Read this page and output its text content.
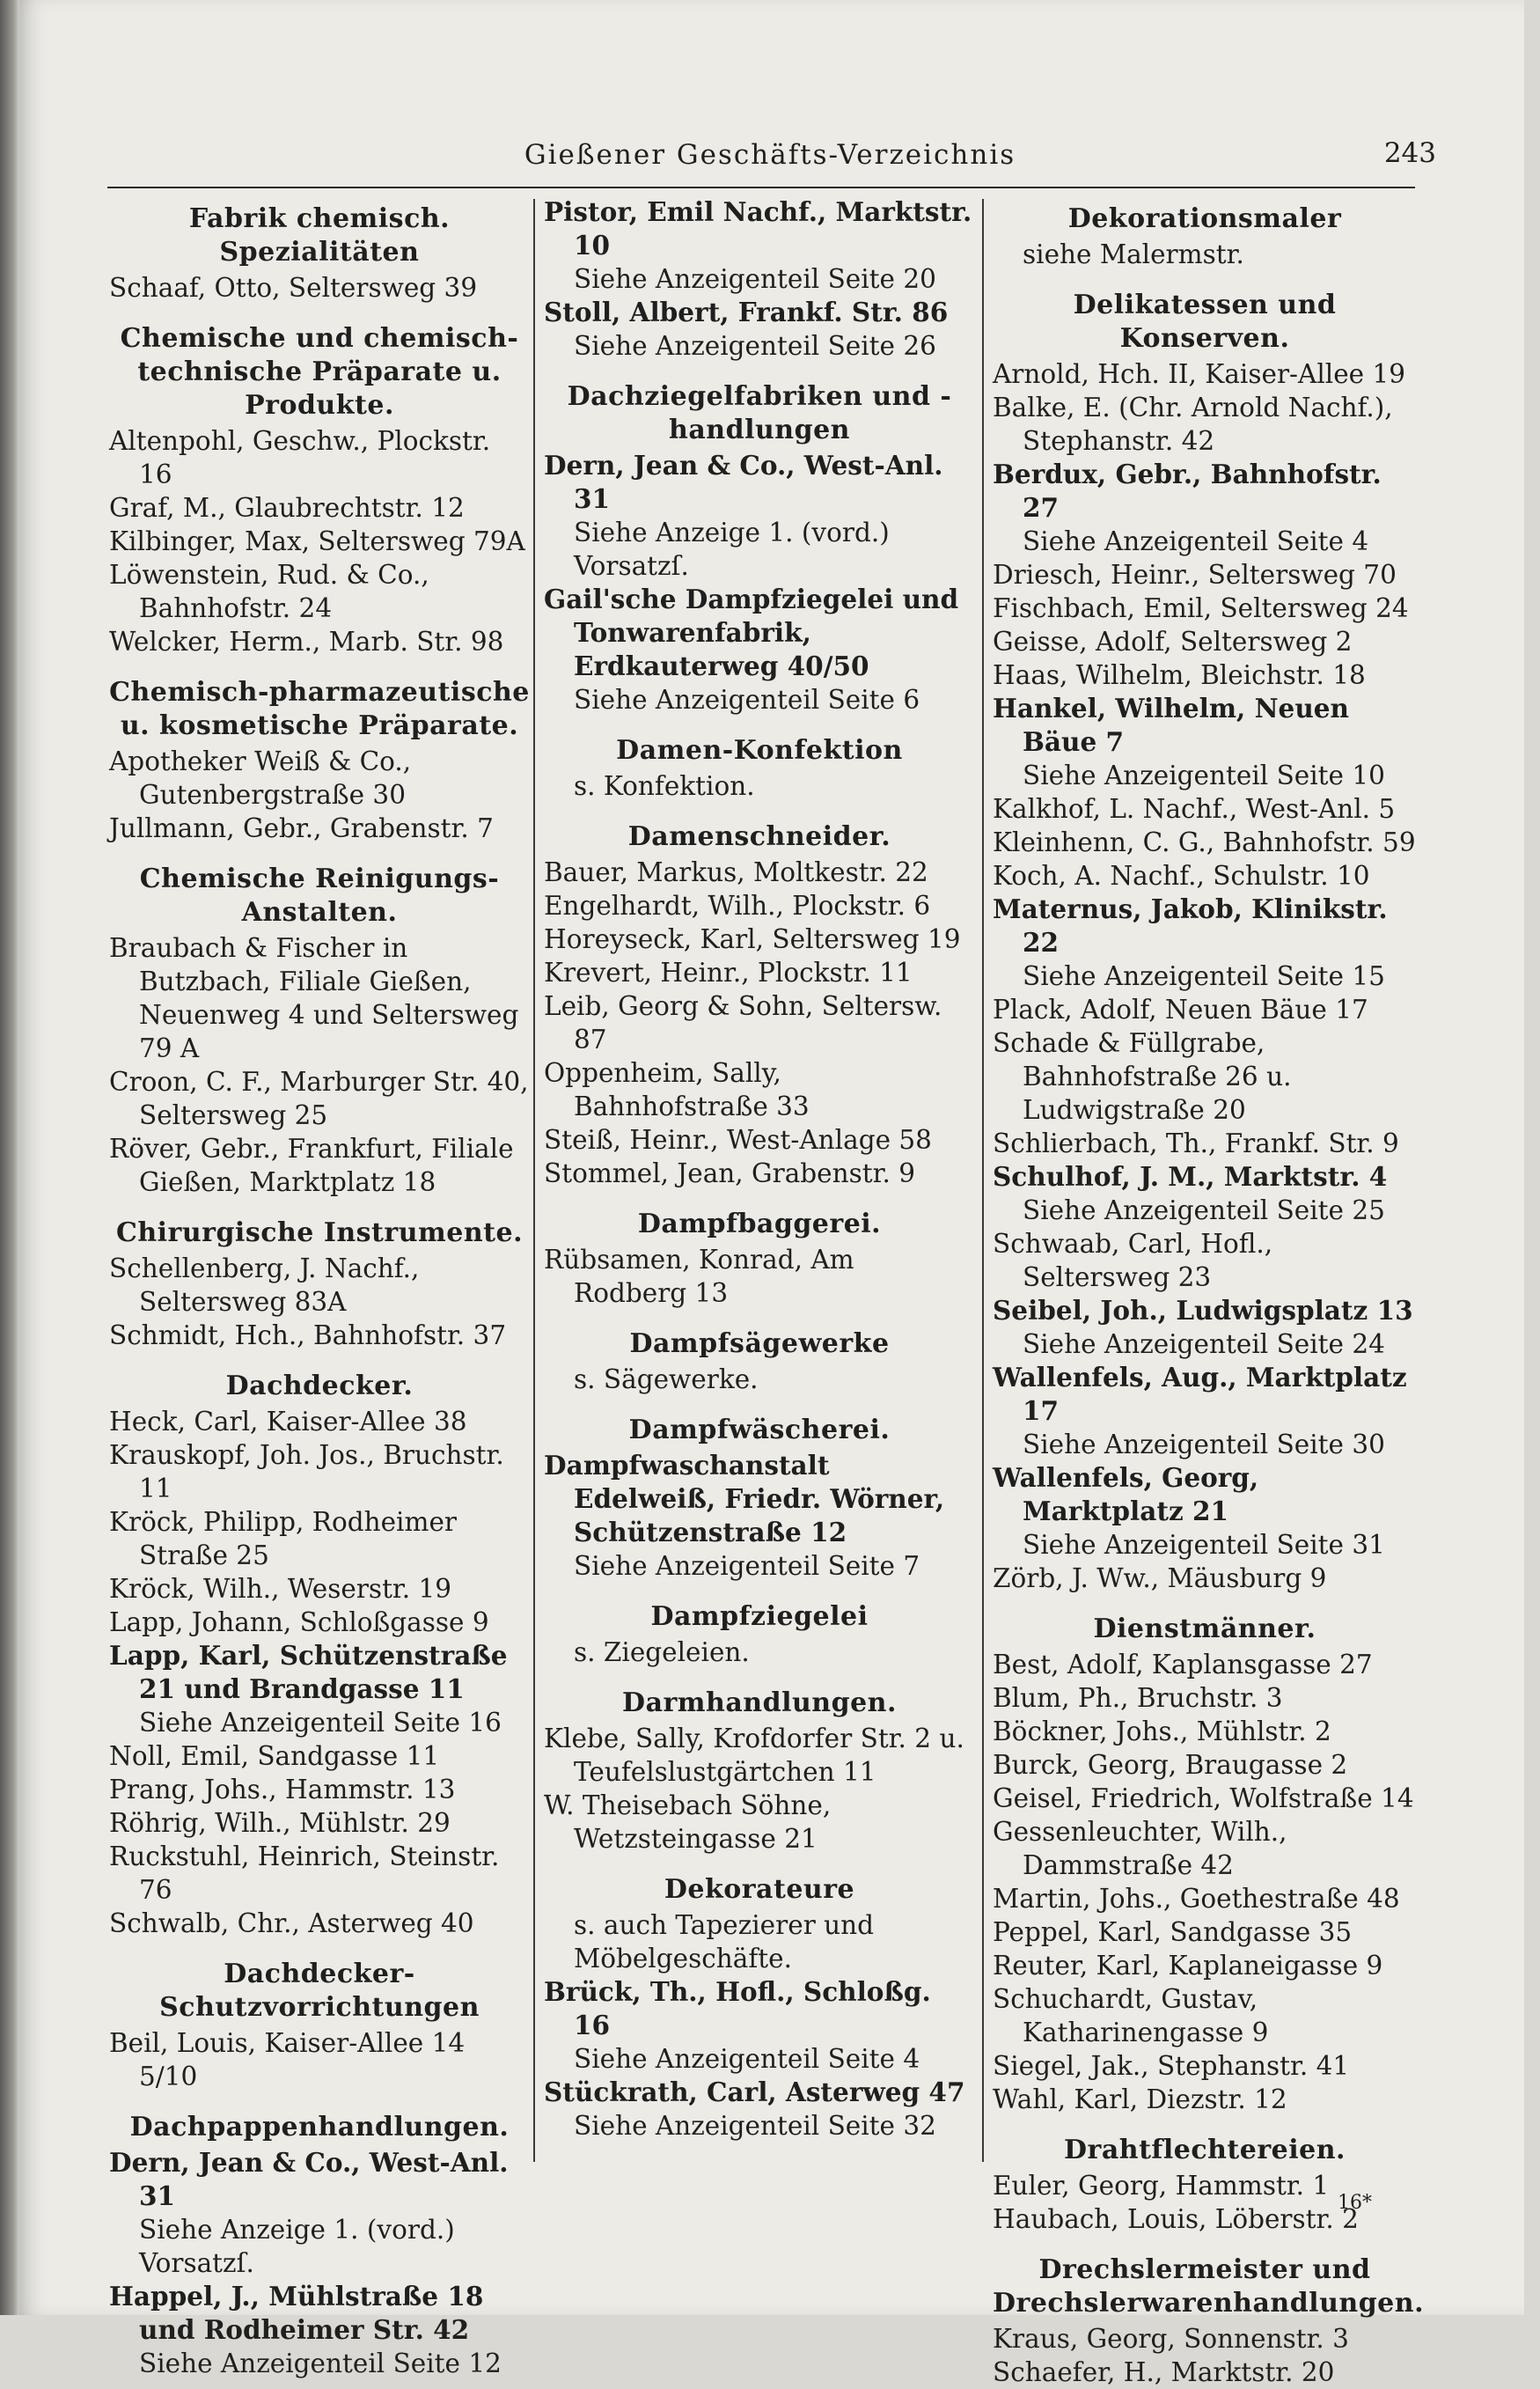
Gießener Geschäfts-Verzeichnis	243
Fabrik chemisch. Spezialitäten
Schaaf, Otto, Seltersweg 39
Chemische und chemisch-technische Präparate u. Produkte.
Altenpohl, Geschw., Plockstr. 16
Graf, M., Glaubrechtstr. 12
Kilbinger, Max, Seltersweg 79A
Löwenstein, Rud. & Co., Bahnhofstr. 24
Welcker, Herm., Marb. Str. 98
Chemisch-pharmazeutische u. kosmetische Präparate.
Apotheker Weiß & Co., Gutenbergstraße 30
Jullmann, Gebr., Grabenstr. 7
Chemische Reinigungs-Anstalten.
Braubach & Fischer in Butzbach, Filiale Gießen, Neuenweg 4 und Seltersweg 79 A
Croon, C. F., Marburger Str. 40, Seltersweg 25
Röver, Gebr., Frankfurt, Filiale Gießen, Marktplatz 18
Chirurgische Instrumente.
Schellenberg, J. Nachf., Seltersweg 83A
Schmidt, Hch., Bahnhofstr. 37
Dachdecker.
Heck, Carl, Kaiser-Allee 38
Krauskopf, Joh. Jos., Bruchstr. 11
Kröck, Philipp, Rodheimer Straße 25
Kröck, Wilh., Weserstr. 19
Lapp, Johann, Schloßgasse 9
Lapp, Karl, Schützenstraße 21 und Brandgasse 11
Siehe Anzeigenteil Seite 16
Noll, Emil, Sandgasse 11
Prang, Johs., Hammstr. 13
Röhrig, Wilh., Mühlstr. 29
Ruckstuhl, Heinrich, Steinstr. 76
Schwalb, Chr., Asterweg 40
Dachdecker-Schutzvorrichtungen
Beil, Louis, Kaiser-Allee 14 5/10
Dachpappenhandlungen.
Dern, Jean & Co., West-Anl. 31
Siehe Anzeige 1. (vord.) Vorsatzſ.
Happel, J., Mühlstraße 18 und Rodheimer Str. 42
Siehe Anzeigenteil Seite 12
Pistor, Emil Nachf., Marktstr. 10
Siehe Anzeigenteil Seite 20
Stoll, Albert, Frankf. Str. 86
Siehe Anzeigenteil Seite 26
Dachziegelfabriken und -handlungen
Dern, Jean & Co., West-Anl. 31
Siehe Anzeige 1. (vord.) Vorsatzſ.
Gail'sche Dampfziegelei und Tonwarenfabrik, Erdkauterweg 40/50
Siehe Anzeigenteil Seite 6
Damen-Konfektion
s. Konfektion.
Damenschneider.
Bauer, Markus, Moltkestr. 22
Engelhardt, Wilh., Plockstr. 6
Horeyseck, Karl, Seltersweg 19
Krevert, Heinr., Plockstr. 11
Leib, Georg & Sohn, Seltersw. 87
Oppenheim, Sally, Bahnhofstraße 33
Steiß, Heinr., West-Anlage 58
Stommel, Jean, Grabenstr. 9
Dampfbaggerei.
Rübsamen, Konrad, Am Rodberg 13
Dampfsägewerke
s. Sägewerke.
Dampfwäscherei.
Dampfwaschanstalt Edelweiß, Friedr. Wörner, Schützenstraße 12
Siehe Anzeigenteil Seite 7
Dampfziegelei
s. Ziegeleien.
Darmhandlungen.
Klebe, Sally, Krofdorfer Str. 2 u. Teufelslustgärtchen 11
W. Theisebach Söhne, Wetzsteingasse 21
Dekorateure
s. auch Tapezierer und Möbelgeschäfte.
Brück, Th., Hofl., Schloßg. 16
Siehe Anzeigenteil Seite 4
Stückrath, Carl, Asterweg 47
Siehe Anzeigenteil Seite 32
Dekorationsmaler
siehe Malermstr.
Delikatessen und Konserven.
Arnold, Hch. II, Kaiser-Allee 19
Balke, E. (Chr. Arnold Nachf.), Stephanstr. 42
Berdux, Gebr., Bahnhofstr. 27
Siehe Anzeigenteil Seite 4
Driesch, Heinr., Seltersweg 70
Fischbach, Emil, Seltersweg 24
Geisse, Adolf, Seltersweg 2
Haas, Wilhelm, Bleichstr. 18
Hankel, Wilhelm, Neuen Bäue 7
Siehe Anzeigenteil Seite 10
Kalkhof, L. Nachf., West-Anl. 5
Kleinhenn, C. G., Bahnhofstr. 59
Koch, A. Nachf., Schulstr. 10
Maternus, Jakob, Klinikstr. 22
Siehe Anzeigenteil Seite 15
Plack, Adolf, Neuen Bäue 17
Schade & Füllgrabe, Bahnhofstraße 26 u. Ludwigstraße 20
Schlierbach, Th., Frankf. Str. 9
Schulhof, J. M., Marktstr. 4
Siehe Anzeigenteil Seite 25
Schwaab, Carl, Hofl., Seltersweg 23
Seibel, Joh., Ludwigsplatz 13
Siehe Anzeigenteil Seite 24
Wallenfels, Aug., Marktplatz 17
Siehe Anzeigenteil Seite 30
Wallenfels, Georg, Marktplatz 21
Siehe Anzeigenteil Seite 31
Zörb, J. Ww., Mäusburg 9
Dienstmänner.
Best, Adolf, Kaplansgasse 27
Blum, Ph., Bruchstr. 3
Böckner, Johs., Mühlstr. 2
Burck, Georg, Braugasse 2
Geisel, Friedrich, Wolfstraße 14
Gessenleuchter, Wilh., Dammstraße 42
Martin, Johs., Goethestraße 48
Peppel, Karl, Sandgasse 35
Reuter, Karl, Kaplaneigasse 9
Schuchardt, Gustav, Katharinengasse 9
Siegel, Jak., Stephanstr. 41
Wahl, Karl, Diezstr. 12
Drahtflechtereien.
Euler, Georg, Hammstr. 1
Haubach, Louis, Löberstr. 2
Drechslermeister und Drechslerwarenhandlungen.
Kraus, Georg, Sonnenstr. 3
Schaefer, H., Marktstr. 20
16*
